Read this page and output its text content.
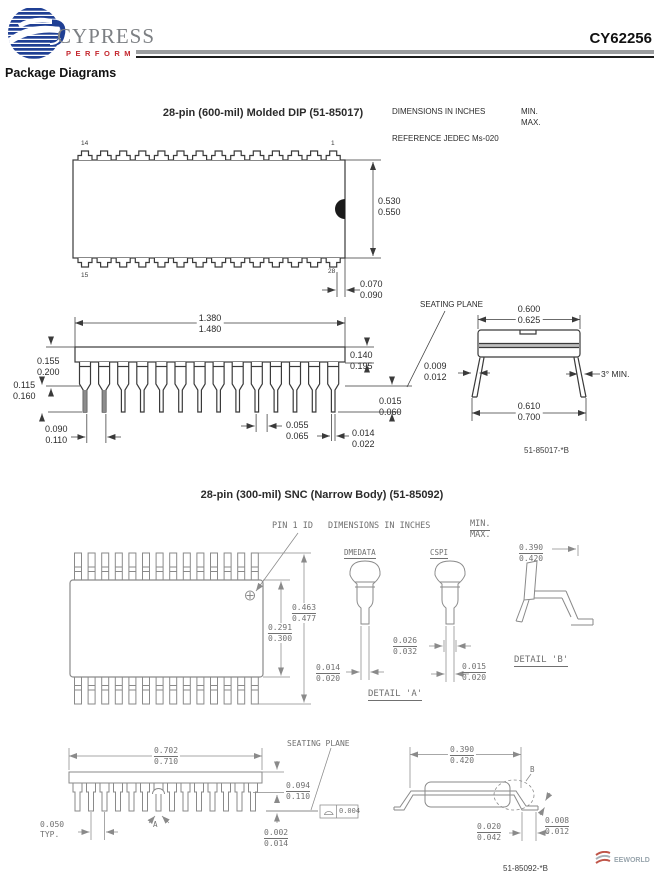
CYPRESS
PERFORM
CY62256
Package Diagrams
28-pin (600-mil) Molded DIP (51-85017)	DIMENSIONS IN INCHES	MIN.
MAX.
REFERENCE JEDEC Ms-020
14	1
15
28
0.530
0.550
0.070
0.090
1.380
1.480
0.155
0.200
0.115
0.160
0.090
0.110
0.140
0.195
0.015
0.060
0.055
0.065	0.014
0.022
SEATING PLANE	0.600
0.625
0.009
0.012	3° MIN.
0.610
0.700
51-85017-*B
28-pin (300-mil) SNC (Narrow Body) (51-85092)
PIN 1 ID DIMENSIONS IN INCHES	MIN.
MAX.
DMEDATA	CSPI
0.291
0.300
0.463
0.477
0.014
0.020
0.026
0.032
0.015
0.020
DETAIL 'A'
0.390
0.420
DETAIL 'B'
0.702
0.710
SEATING PLANE
0.094
0.110
0.002
0.014
0.004
0.050
TYP.
A
0.390
0.420
B
0.020
0.042
0.008
0.012
51-85092-*B
EEWORLD
